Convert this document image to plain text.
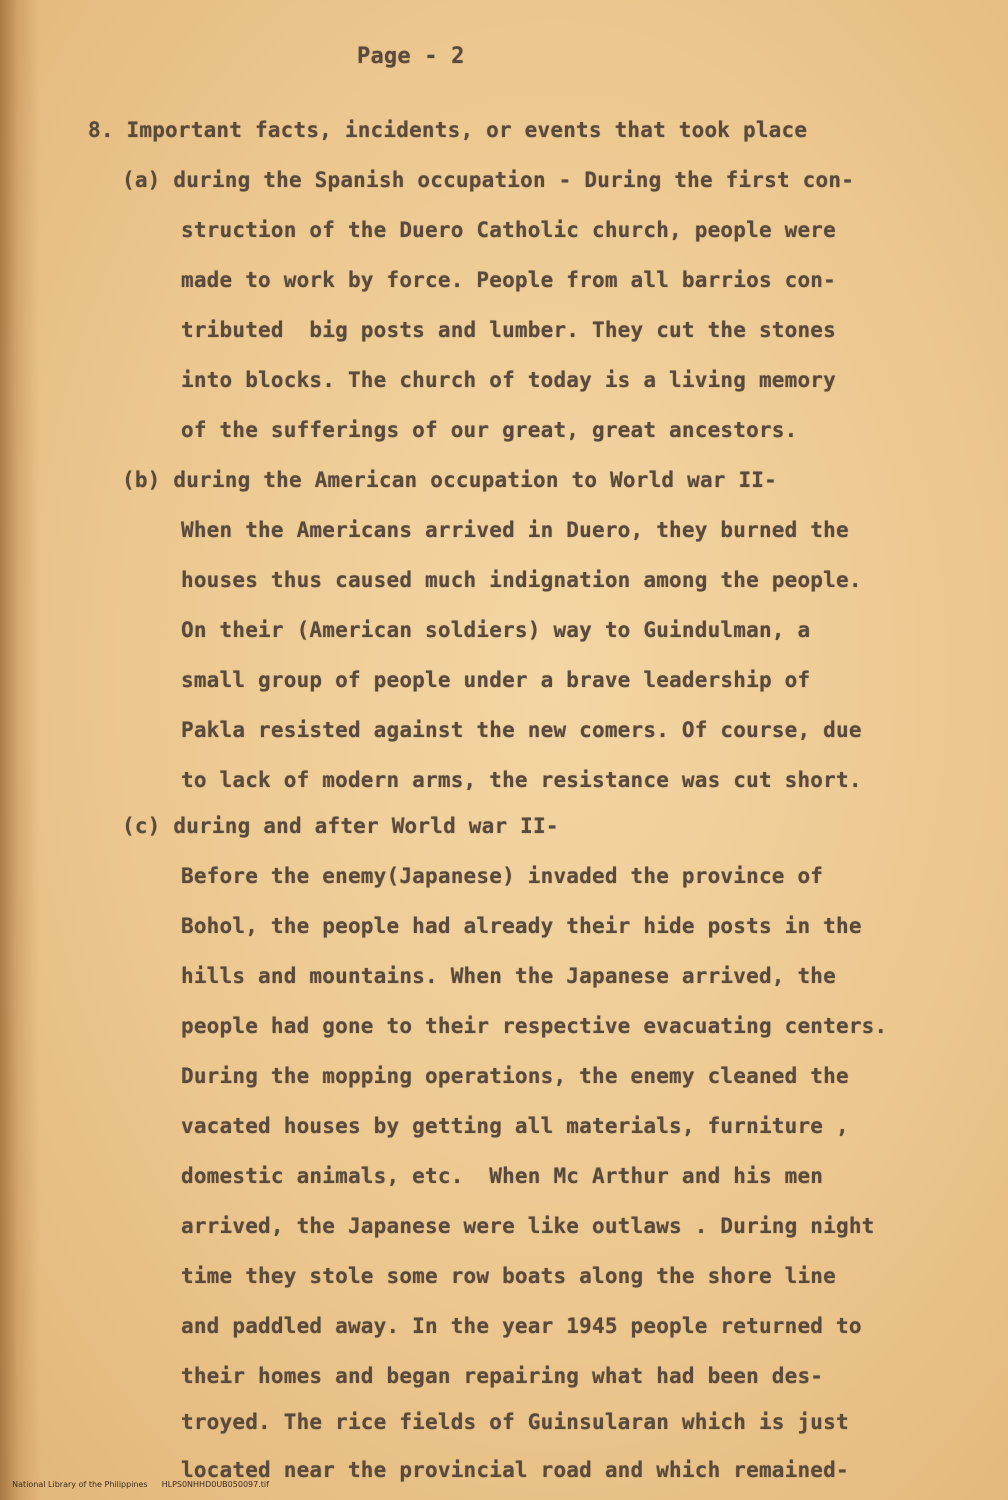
Page - 2
8. Important facts, incidents, or events that took place
(a) during the Spanish occupation - During the first con-
struction of the Duero Catholic church, people were
made to work by force. People from all barrios con-
tributed  big posts and lumber. They cut the stones
into blocks. The church of today is a living memory
of the sufferings of our great, great ancestors.
(b) during the American occupation to World war II-
When the Americans arrived in Duero, they burned the
houses thus caused much indignation among the people.
On their (American soldiers) way to Guindulman, a
small group of people under a brave leadership of
Pakla resisted against the new comers. Of course, due
to lack of modern arms, the resistance was cut short.
(c) during and after World war II-
Before the enemy(Japanese) invaded the province of
Bohol, the people had already their hide posts in the
hills and mountains. When the Japanese arrived, the
people had gone to their respective evacuating centers.
During the mopping operations, the enemy cleaned the
vacated houses by getting all materials, furniture ,
domestic animals, etc.  When Mc Arthur and his men
arrived, the Japanese were like outlaws . During night
time they stole some row boats along the shore line
and paddled away. In the year 1945 people returned to
their homes and began repairing what had been des-
troyed. The rice fields of Guinsularan which is just
located near the provincial road and which remained-

National Library of the Philippines HLPS0NHHD0UB050097.tif
